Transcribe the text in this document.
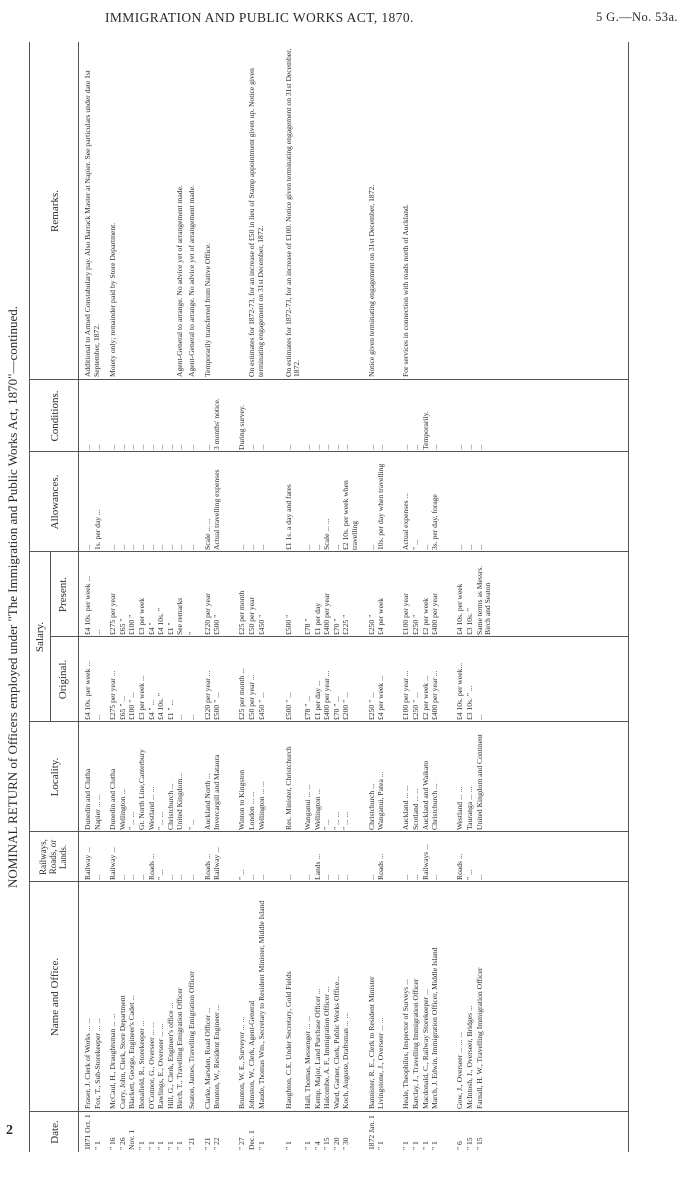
IMMIGRATION AND PUBLIC WORKS ACT, 1870.	5 G.—No. 53a.
2
NOMINAL RETURN of Officers employed under "The Immigration and Public Works Act, 1870"—continued.
Date.
Name and Office.
Railways, Roads, or Lands.
Locality.
Salary.
Original.
Present.
Allowances.
Conditions.
Remarks.
1871 Oct. 1
Fraser, J. Clerk of Works ... ...
Railway ...
Dunedin and Clutha
£4 10s. per week ...
£4 10s. per week ...
...
...
Additional to Armed Constabulary pay. Also Barrack Master at Napier. See particulars under date 1st September, 1872.
" 1
Fox, T., Sub-Storekeeper ... ...
...
Napier ... ...
...
...
1s. per day ...
...
" 16
McCaul, H., Draughtsman ... ...
Railway ...
Dunedin and Clutha
£275 per year ...
£275 per year
...
...
Moiety only; remainder paid by Store Department.
" 26
Curry, John, Clerk, Store Department
...
Wellington ...
£65 " ...
£65 "
...
...
Nov. 1
Blackett, George, Engineer's Cadet ...
...
" ... ...
£100 " ...
£100 "
...
...
" 1
Bonafield, R., Storekeeper ...
...
Gt. North Line,Canterbury
£3 per week ...
£3 per week
...
...
" 1
O'Connor, G., Overseer ... ...
Roads ...
Westland ... ...
£4 " ...
£4 "
...
...
" 1
Rawlings, E., Overseer ... ...
" ...
" ... ...
£4 10s. "
£4 10s. "
...
...
" 1
Hill, G., Clerk, Engineer's office ...
...
Christchurch ...
£1 " ...
£1 "
...
...
" 1
Birch, T., Travelling Emigration Officer
...
United Kingdom...
...
See remarks
...
...
Agent-General to arrange. No advice yet of arrangement made.
" 21
Seaton, James, Travelling Emigration Officer
...
" ...
...
"
...
...
Agent-General to arrange. No advice yet of arrangement made.
" 21
Clarke, Marsden, Road Officer ...
Roads ...
Auckland North ...
£220 per year ...
£220 per year
Scale ... ...
...
Temporarily transferred from Native Office.
" 22
Brunton, W., Resident Engineer ...
Railway ...
Invercargill and Mataura
£500 " ...
£500 "
Actual travelling expenses
3 months' notice.
" 27
Brunton, W. E., Surveyor ... ...
" ...
Winton to Kingston
£25 per month ...
£25 per month
...
During survey.
Dec. 1
Johnston, W., Clerk, Agent-General
...
London ... ...
£50 per year ...
£50 per year
...
...
On estimates for 1872-73, for an increase of £50 in lieu of Stamp appointment given up. Notice given terminating engagement on 31st December, 1872.
" 1
Maude, Thomas Wm., Secretary to Resident Minister, Middle Island
...
Wellington ... ...
£450 " ...
£450 "
...
...
" 1
Haughton, C.E. Under Secretary, Gold Fields
...
Res. Minister, Christchurch
£500 " ...
£500 "
£1 1s. a day and fares
...
On estimates for 1872-73, for an increase of £100. Notice given terminating engagement on 31st December, 1872.
" 1
Hall, Thomas, Messenger ... ...
...
Wanganui ... ...
£78 " ...
£78 "
...
...
" 4
Kemp, Major, Land Purchase Officer ...
Lands ...
Wellington ...
£1 per day ...
£1 per day
...
...
" 15
Halcombe, A. F., Immigration Officer ...
...
" ...
£400 per year ...
£400 per year
Scale ... ...
...
" 20
Ward, Garner, Clerk, Public Works Office...
...
" ... ...
£70 " ...
£70 "
...
...
" 30
Koch, Auguste, Draftsman ... ...
...
" ... ...
£200 " ...
£225 "
£2 10s. per week when travelling
...
1872 Jan. 1
Bannister, R. E., Clerk to Resident Minister
...
Christchurch ...
£250 " ...
£250 "
...
...
Notice given terminating engagement on 31st December, 1872.
" 1
Livingstone, J., Overseer ... ...
Roads ...
Wanganui, Patea ...
£4 per week ...
£4 per week
10s. per day when travelling
...
" 1
Heale, Theophilus, Inspector of Surveys ...
...
Auckland ... ...
£100 per year ...
£100 per year
Actual expenses ...
...
For services in connection with roads north of Auckland.
" 1
Barclay, J., Travelling Immigration Officer
...
Scotland ... ...
£250 " ...
£250 "
" ...
...
" 1
Macdonald, C., Railway Storekeeper ...
Railways ...
Auckland and Waikato
£2 per week ...
£2 per week
...
Temporarily.
" 1
March, J. Edwin, Immigration Officer, Middle Island
...
Christchurch ...
£400 per year ...
£400 per year
3s. per day, forage
...
" 6
Gow, J., Overseer ... ... ...
Roads ...
Westland ... ...
£4 10s. per week...
£4 10s. per week
...
...
" 15
McIntosh, J., Overseer, Bridges ...
" ...
Tauranga ... ...
£3 10s. " ...
£3 10s. "
...
...
" 15
Farnall, H. W., Travelling Immigration Officer
...
United Kingdom and Continent
...
Same terms as Messrs. Birch and Seaton
...
...
